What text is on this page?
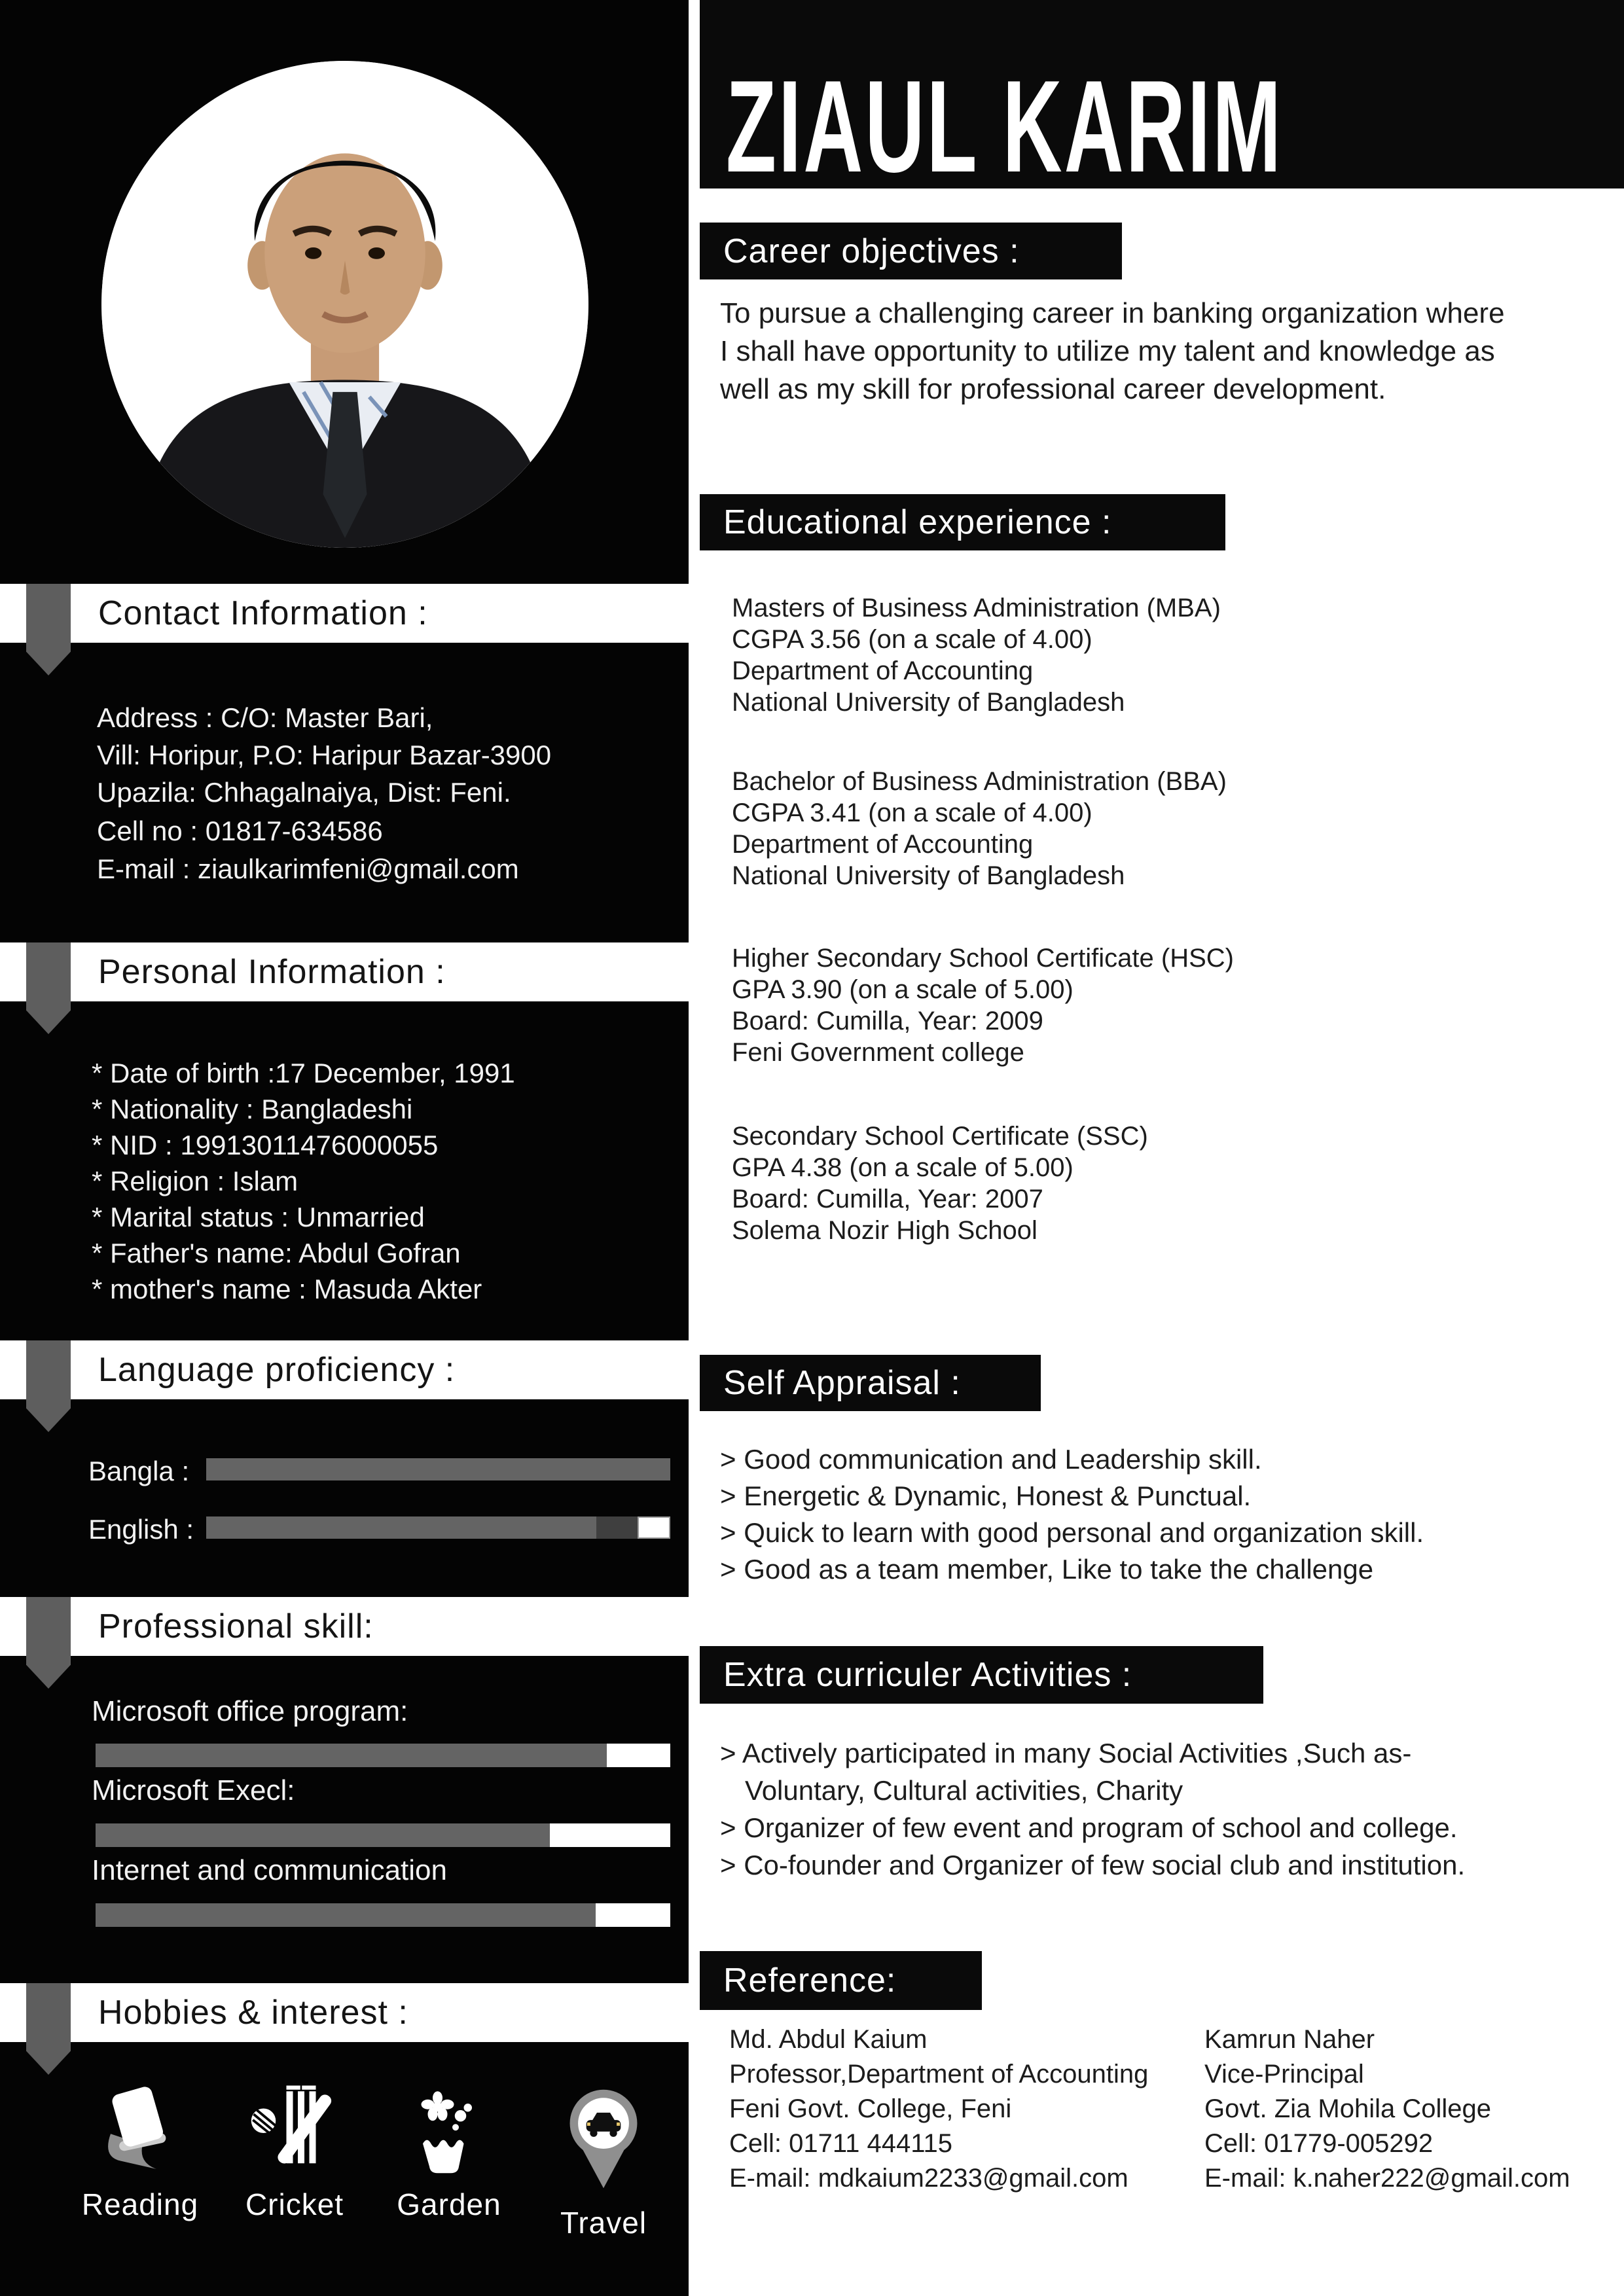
Contact Information :
Address : C/O: Master Bari,
Vill: Horipur, P.O: Haripur Bazar-3900
Upazila: Chhagalnaiya, Dist: Feni.
Cell no : 01817-634586
E-mail : ziaulkarimfeni@gmail.com
Personal Information :
* Date of birth :17 December, 1991
* Nationality : Bangladeshi
* NID : 19913011476000055
* Religion : Islam
* Marital status : Unmarried
* Father's name: Abdul Gofran
* mother's name : Masuda Akter
Language proficiency :
Bangla :
English :
Professional skill:
Microsoft office program:
Microsoft Execl:
Internet and communication
Hobbies & interest :
Reading	Cricket	Garden
Travel
ZIAUL KARIM
Career objectives :
To pursue a challenging career in banking organization where
I shall have opportunity to utilize my talent and knowledge as
well as my skill for professional career development.
Educational experience :
Masters of Business Administration (MBA)
CGPA 3.56 (on a scale of 4.00)
Department of Accounting
National University of Bangladesh
Bachelor of Business Administration (BBA)
CGPA 3.41 (on a scale of 4.00)
Department of Accounting
National University of Bangladesh
Higher Secondary School Certificate (HSC)
GPA 3.90 (on a scale of 5.00)
Board: Cumilla, Year: 2009
Feni Government college
Secondary School Certificate (SSC)
GPA 4.38 (on a scale of 5.00)
Board: Cumilla, Year: 2007
Solema Nozir High School
Self Appraisal :
> Good communication and Leadership skill.
> Energetic & Dynamic, Honest & Punctual.
> Quick to learn with good personal and organization skill.
> Good as a team member, Like to take the challenge
Extra curriculer Activities :
> Actively participated in many Social Activities ,Such as-
Voluntary, Cultural activities, Charity
> Organizer of few event and program of school and college.
> Co-founder and Organizer of few social club and institution.
Reference:
Md. Abdul Kaium
Professor,Department of Accounting
Feni Govt. College, Feni
Cell: 01711 444115
E-mail: mdkaium2233@gmail.com
Kamrun Naher
Vice-Principal
Govt. Zia Mohila College
Cell: 01779-005292
E-mail: k.naher222@gmail.com
